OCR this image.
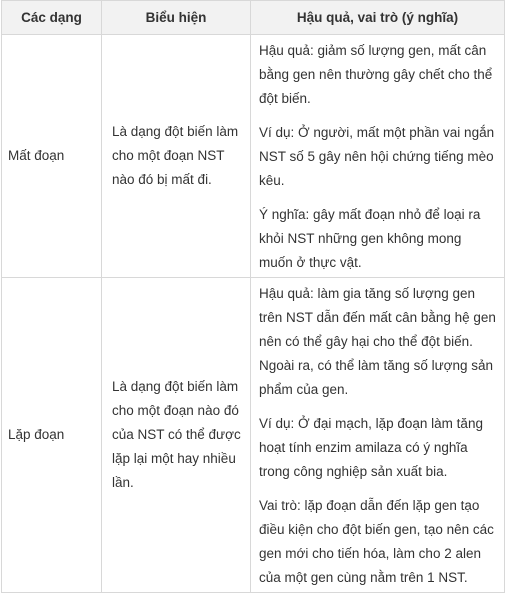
Các dạng	Biểu hiện	Hậu quả, vai trò (ý nghĩa)
Mất đoạn	Là dạng đột biến làm cho một đoạn NST nào đó bị mất đi.	Hậu quả: giảm số lượng gen, mất cân bằng gen nên thường gây chết cho thể đột biến.

Ví dụ: Ở người, mất một phần vai ngắn NST số 5 gây nên hội chứng tiếng mèo kêu.

Ý nghĩa: gây mất đoạn nhỏ để loại ra khỏi NST những gen không mong muốn ở thực vật.

Lặp đoạn	Là dạng đột biến làm cho một đoạn nào đó của NST có thể được lặp lại một hay nhiều lần.	Hậu quả: làm gia tăng số lượng gen trên NST dẫn đến mất cân bằng hệ gen nên có thể gây hại cho thể đột biến. Ngoài ra, có thể làm tăng số lượng sản phẩm của gen.

Ví dụ: Ở đại mạch, lặp đoạn làm tăng hoạt tính enzim amilaza có ý nghĩa trong công nghiệp sản xuất bia.

Vai trò: lặp đoạn dẫn đến lặp gen tạo điều kiện cho đột biến gen, tạo nên các gen mới cho tiến hóa, làm cho 2 alen của một gen cùng nằm trên 1 NST.
